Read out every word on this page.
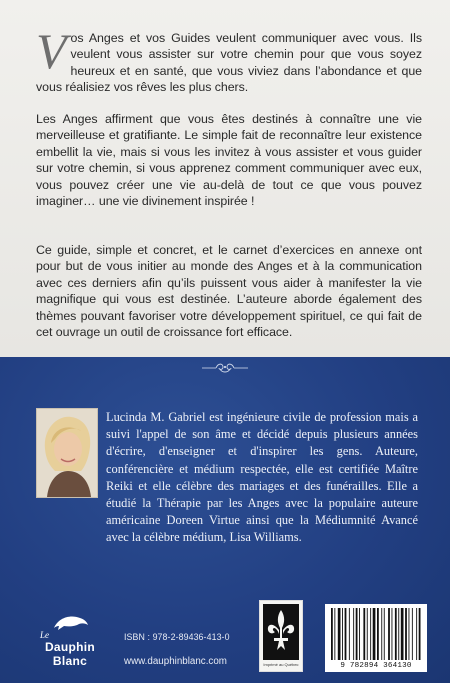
Vos Anges et vos Guides veulent communiquer avec vous. Ils veulent vous assister sur votre chemin pour que vous soyez heureux et en santé, que vous viviez dans l’abondance et que vous réalisiez vos rêves les plus chers.

Les Anges affirment que vous êtes destinés à connaître une vie merveilleuse et gratifiante. Le simple fait de reconnaître leur existence embellit la vie, mais si vous les invitez à vous assister et vous guider sur votre chemin, si vous apprenez comment communiquer avec eux, vous pouvez créer une vie au-delà de tout ce que vous pouvez imaginer… une vie divinement inspirée !

Ce guide, simple et concret, et le carnet d’exercices en annexe ont pour but de vous initier au monde des Anges et à la communication avec ces derniers afin qu’ils puissent vous aider à manifester la vie magnifique qui vous est destinée. L’auteure aborde également des thèmes pouvant favoriser votre développement spirituel, ce qui fait de cet ouvrage un outil de croissance fort efficace.

Lucinda M. Gabriel est ingénieure civile de profession mais a suivi l'appel de son âme et décidé depuis plusieurs années d'écrire, d'enseigner et d'inspirer les gens. Auteure, conférencière et médium respectée, elle est certifiée Maître Reiki et elle célèbre des mariages et des funérailles. Elle a étudié la Thérapie par les Anges avec la populaire auteure américaine Doreen Virtue ainsi que la Médiumnité Avancé avec la célèbre médium, Lisa Williams.

Le
Dauphin
Blanc
ISBN : 978-2-89436-413-0
www.dauphinblanc.com	Imprimé au Québec	9 782894 364130
